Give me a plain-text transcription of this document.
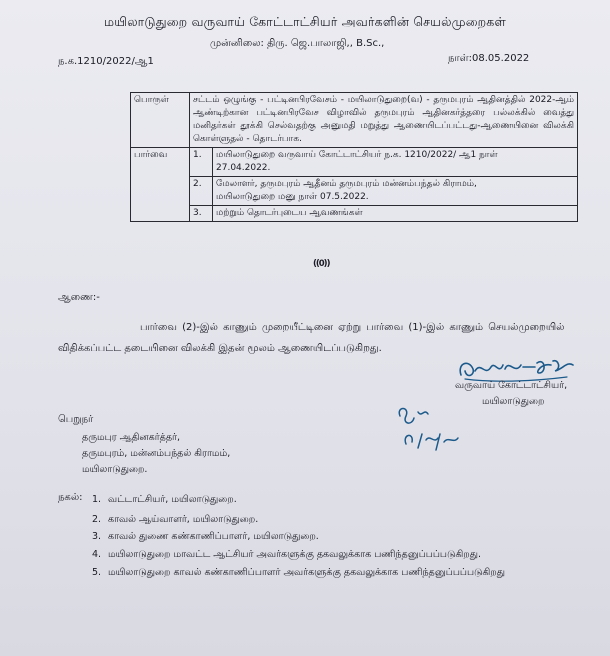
மயிலாடுதுறை வருவாய் கோட்டாட்சியர் அவர்களின் செயல்முறைகள்
முன்னிலை: திரு. ஜெ.பாலாஜி,, B.Sc.,
ந.க.1210/2022/ஆ1	நாள்:08.05.2022
பொருள்	சட்டம் ஒழுங்கு - பட்டினபிரவேசம் - மயிலாடுதுறை(வ) - தருமபுரம் ஆதினத்தில் 2022-ஆம் ஆண்டிற்கான பட்டினபிரவேச விழாவில் தருமபுரம் ஆதினகர்த்தரை பல்லக்கில் வைத்து மனிதர்கள் தூக்கி செல்வதற்கு அனுமதி மறுத்து ஆணையிடப்பட்டது-ஆணையினை விலக்கி கொள்ளுதல் - தொடர்பாக.	
பார்வை	1.	மயிலாடுதுறை வருவாய் கோட்டாட்சியர் ந.க. 1210/2022/ ஆ1 நாள்
27.04.2022.

	2.	மேலாளர், தருமபுரம் ஆதீனம் தருமபுரம் மன்னம்பந்தல் கிராமம்,
மயிலாடுதுறை மனு நாள் 07.5.2022.

	3.	மற்றும் தொடர்புடைய ஆவணங்கள்
((0))
ஆணை:-
பார்வை (2)-இல் காணும் முறையீட்டினை ஏற்று பார்வை (1)-இல் காணும் செயல்முறையில்
விதிக்கப்பட்ட தடையினை விலக்கி இதன் மூலம் ஆணையிடப்படுகிறது.
வருவாய் கோட்டாட்சியர்,
மயிலாடுதுறை
பெறுநர்
தருமபுர ஆதினகர்த்தர்,
தருமபுரம், மன்னம்பந்தல் கிராமம்,
மயிலாடுதுறை.
நகல்: 1. வட்டாட்சியர், மயிலாடுதுறை.
2. காவல் ஆய்வாளர், மயிலாடுதுறை.
3. காவல் துணை கண்காணிப்பாளர், மயிலாடுதுறை.
4. மயிலாடுதுறை மாவட்ட ஆட்சியர் அவர்களுக்கு தகவலுக்காக பணிந்தனுப்பப்படுகிறது.
5. மயிலாடுதுறை காவல் கண்காணிப்பாளர் அவர்களுக்கு தகவலுக்காக பணிந்தனுப்பப்படுகிறது
